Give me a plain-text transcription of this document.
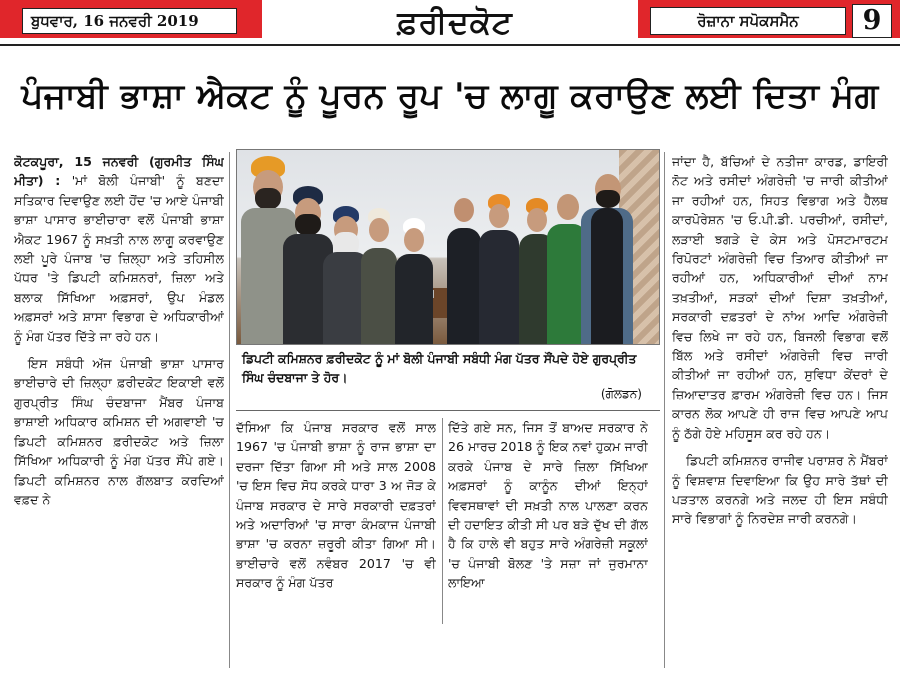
ਬੁਧਵਾਰ, 16 ਜਨਵਰੀ 2019	ਫ਼ਰੀਦਕੋਟ	ਰੋਜ਼ਾਨਾ ਸਪੋਕਸਮੈਨ	9
ਪੰਜਾਬੀ ਭਾਸ਼ਾ ਐਕਟ ਨੂੰ ਪੂਰਨ ਰੂਪ 'ਚ ਲਾਗੂ ਕਰਾਉਣ ਲਈ ਦਿਤਾ ਮੰਗ

ਕੋਟਕਪੂਰਾ, 15 ਜਨਵਰੀ (ਗੁਰਮੀਤ ਸਿੰਘ ਮੀਤਾ) : 'ਮਾਂ ਬੋਲੀ ਪੰਜਾਬੀ' ਨੂੰ ਬਣਦਾ ਸਤਿਕਾਰ ਦਿਵਾਉਣ ਲਈ ਹੋਂਦ 'ਚ ਆਏ ਪੰਜਾਬੀ ਭਾਸ਼ਾ ਪਾਸਾਰ ਭਾਈਚਾਰਾ ਵਲੋਂ ਪੰਜਾਬੀ ਭਾਸ਼ਾ ਐਕਟ 1967 ਨੂੰ ਸਖ਼ਤੀ ਨਾਲ ਲਾਗੂ ਕਰਵਾਉਣ ਲਈ ਪੂਰੇ ਪੰਜਾਬ 'ਚ ਜ਼ਿਲ੍ਹਾ ਅਤੇ ਤਹਿਸੀਲ ਪੱਧਰ 'ਤੇ ਡਿਪਟੀ ਕਮਿਸ਼ਨਰਾਂ, ਜ਼ਿਲਾ ਅਤੇ ਬਲਾਕ ਸਿੱਖਿਆ ਅਫ਼ਸਰਾਂ, ਉਪ ਮੰਡਲ ਅਫ਼ਸਰਾਂ ਅਤੇ ਸ਼ਾਸਾ ਵਿਭਾਗ ਦੇ ਅਧਿਕਾਰੀਆਂ ਨੂੰ ਮੰਗ ਪੱਤਰ ਦਿੱਤੇ ਜਾ ਰਹੇ ਹਨ।

ਇਸ ਸਬੰਧੀ ਅੱਜ ਪੰਜਾਬੀ ਭਾਸ਼ਾ ਪਾਸਾਰ ਭਾਈਚਾਰੇ ਦੀ ਜ਼ਿਲ੍ਹਾ ਫ਼ਰੀਦਕੋਟ ਇਕਾਈ ਵਲੋਂ ਗੁਰਪ੍ਰੀਤ ਸਿੰਘ ਚੰਦਬਾਜਾ ਮੈਂਬਰ ਪੰਜਾਬ ਭਾਸ਼ਾਈ ਅਧਿਕਾਰ ਕਮਿਸ਼ਨ ਦੀ ਅਗਵਾਈ 'ਚ ਡਿਪਟੀ ਕਮਿਸ਼ਨਰ ਫ਼ਰੀਦਕੋਟ ਅਤੇ ਜ਼ਿਲਾ ਸਿੱਖਿਆ ਅਧਿਕਾਰੀ ਨੂੰ ਮੰਗ ਪੱਤਰ ਸੌਂਪੇ ਗਏ। ਡਿਪਟੀ ਕਮਿਸ਼ਨਰ ਨਾਲ ਗੱਲਬਾਤ ਕਰਦਿਆਂ ਵਫ਼ਦ ਨੇ

ਡਿਪਟੀ ਕਮਿਸ਼ਨਰ ਫ਼ਰੀਦਕੋਟ ਨੂੰ ਮਾਂ ਬੋਲੀ ਪੰਜਾਬੀ ਸਬੰਧੀ ਮੰਗ ਪੱਤਰ ਸੌਂਪਦੇ ਹੋਏ ਗੁਰਪ੍ਰੀਤ ਸਿੰਘ ਚੰਦਬਾਜਾ ਤੇ ਹੋਰ।
(ਗੋਲਡਨ)

ਦੱਸਿਆ ਕਿ ਪੰਜਾਬ ਸਰਕਾਰ ਵਲੋਂ ਸਾਲ 1967 'ਚ ਪੰਜਾਬੀ ਭਾਸ਼ਾ ਨੂੰ ਰਾਜ ਭਾਸ਼ਾ ਦਾ ਦਰਜਾ ਦਿੱਤਾ ਗਿਆ ਸੀ ਅਤੇ ਸਾਲ 2008 'ਚ ਇਸ ਵਿਚ ਸੋਧ ਕਰਕੇ ਧਾਰਾ 3 ਅ ਜੋੜ ਕੇ ਪੰਜਾਬ ਸਰਕਾਰ ਦੇ ਸਾਰੇ ਸਰਕਾਰੀ ਦਫ਼ਤਰਾਂ ਅਤੇ ਅਦਾਰਿਆਂ 'ਚ ਸਾਰਾ ਕੰਮਕਾਜ ਪੰਜਾਬੀ ਭਾਸ਼ਾ 'ਚ ਕਰਨਾ ਜ਼ਰੂਰੀ ਕੀਤਾ ਗਿਆ ਸੀ। ਭਾਈਚਾਰੇ ਵਲੋਂ ਨਵੰਬਰ 2017 'ਚ ਵੀ ਸਰਕਾਰ ਨੂੰ ਮੰਗ ਪੱਤਰ

ਦਿੱਤੇ ਗਏ ਸਨ, ਜਿਸ ਤੋਂ ਬਾਅਦ ਸਰਕਾਰ ਨੇ 26 ਮਾਰਚ 2018 ਨੂੰ ਇਕ ਨਵਾਂ ਹੁਕਮ ਜਾਰੀ ਕਰਕੇ ਪੰਜਾਬ ਦੇ ਸਾਰੇ ਜ਼ਿਲਾ ਸਿੱਖਿਆ ਅਫ਼ਸਰਾਂ ਨੂੰ ਕਾਨੂੰਨ ਦੀਆਂ ਇਨ੍ਹਾਂ ਵਿਵਸਥਾਵਾਂ ਦੀ ਸਖ਼ਤੀ ਨਾਲ ਪਾਲਣਾ ਕਰਨ ਦੀ ਹਦਾਇਤ ਕੀਤੀ ਸੀ ਪਰ ਬੜੇ ਦੁੱਖ ਦੀ ਗੱਲ ਹੈ ਕਿ ਹਾਲੇ ਵੀ ਬਹੁਤ ਸਾਰੇ ਅੰਗਰੇਜ਼ੀ ਸਕੂਲਾਂ 'ਚ ਪੰਜਾਬੀ ਬੋਲਣ 'ਤੇ ਸਜ਼ਾ ਜਾਂ ਜੁਰਮਾਨਾ ਲਾਇਆ

ਜਾਂਦਾ ਹੈ, ਬੱਚਿਆਂ ਦੇ ਨਤੀਜਾ ਕਾਰਡ, ਡਾਇਰੀ ਨੋਟ ਅਤੇ ਰਸੀਦਾਂ ਅੰਗਰੇਜ਼ੀ 'ਚ ਜਾਰੀ ਕੀਤੀਆਂ ਜਾ ਰਹੀਆਂ ਹਨ, ਸਿਹਤ ਵਿਭਾਗ ਅਤੇ ਹੈਲਥ ਕਾਰਪੋਰੇਸ਼ਨ 'ਚ ਓ.ਪੀ.ਡੀ. ਪਰਚੀਆਂ, ਰਸੀਦਾਂ, ਲੜਾਈ ਝਗੜੇ ਦੇ ਕੇਸ ਅਤੇ ਪੋਸਟਮਾਰਟਮ ਰਿਪੋਰਟਾਂ ਅੰਗਰੇਜ਼ੀ ਵਿਚ ਤਿਆਰ ਕੀਤੀਆਂ ਜਾ ਰਹੀਆਂ ਹਨ, ਅਧਿਕਾਰੀਆਂ ਦੀਆਂ ਨਾਮ ਤਖ਼ਤੀਆਂ, ਸੜਕਾਂ ਦੀਆਂ ਦਿਸ਼ਾ ਤਖ਼ਤੀਆਂ, ਸਰਕਾਰੀ ਦਫ਼ਤਰਾਂ ਦੇ ਨਾਂਅ ਆਦਿ ਅੰਗਰੇਜ਼ੀ ਵਿਚ ਲਿਖੇ ਜਾ ਰਹੇ ਹਨ, ਬਿਜਲੀ ਵਿਭਾਗ ਵਲੋਂ ਬਿੱਲ ਅਤੇ ਰਸੀਦਾਂ ਅੰਗਰੇਜ਼ੀ ਵਿਚ ਜਾਰੀ ਕੀਤੀਆਂ ਜਾ ਰਹੀਆਂ ਹਨ, ਸੁਵਿਧਾ ਕੇਂਦਰਾਂ ਦੇ ਜ਼ਿਆਦਾਤਰ ਫ਼ਾਰਮ ਅੰਗਰੇਜ਼ੀ ਵਿਚ ਹਨ। ਜਿਸ ਕਾਰਨ ਲੋਕ ਆਪਣੇ ਹੀ ਰਾਜ ਵਿਚ ਆਪਣੇ ਆਪ ਨੂੰ ਠੱਗੇ ਹੋਏ ਮਹਿਸੂਸ ਕਰ ਰਹੇ ਹਨ।

ਡਿਪਟੀ ਕਮਿਸ਼ਨਰ ਰਾਜੀਵ ਪਰਾਸ਼ਰ ਨੇ ਮੈਂਬਰਾਂ ਨੂੰ ਵਿਸ਼ਵਾਸ਼ ਦਿਵਾਇਆ ਕਿ ਉਹ ਸਾਰੇ ਤੱਥਾਂ ਦੀ ਪੜਤਾਲ ਕਰਨਗੇ ਅਤੇ ਜਲਦ ਹੀ ਇਸ ਸਬੰਧੀ ਸਾਰੇ ਵਿਭਾਗਾਂ ਨੂੰ ਨਿਰਦੇਸ਼ ਜਾਰੀ ਕਰਨਗੇ।
